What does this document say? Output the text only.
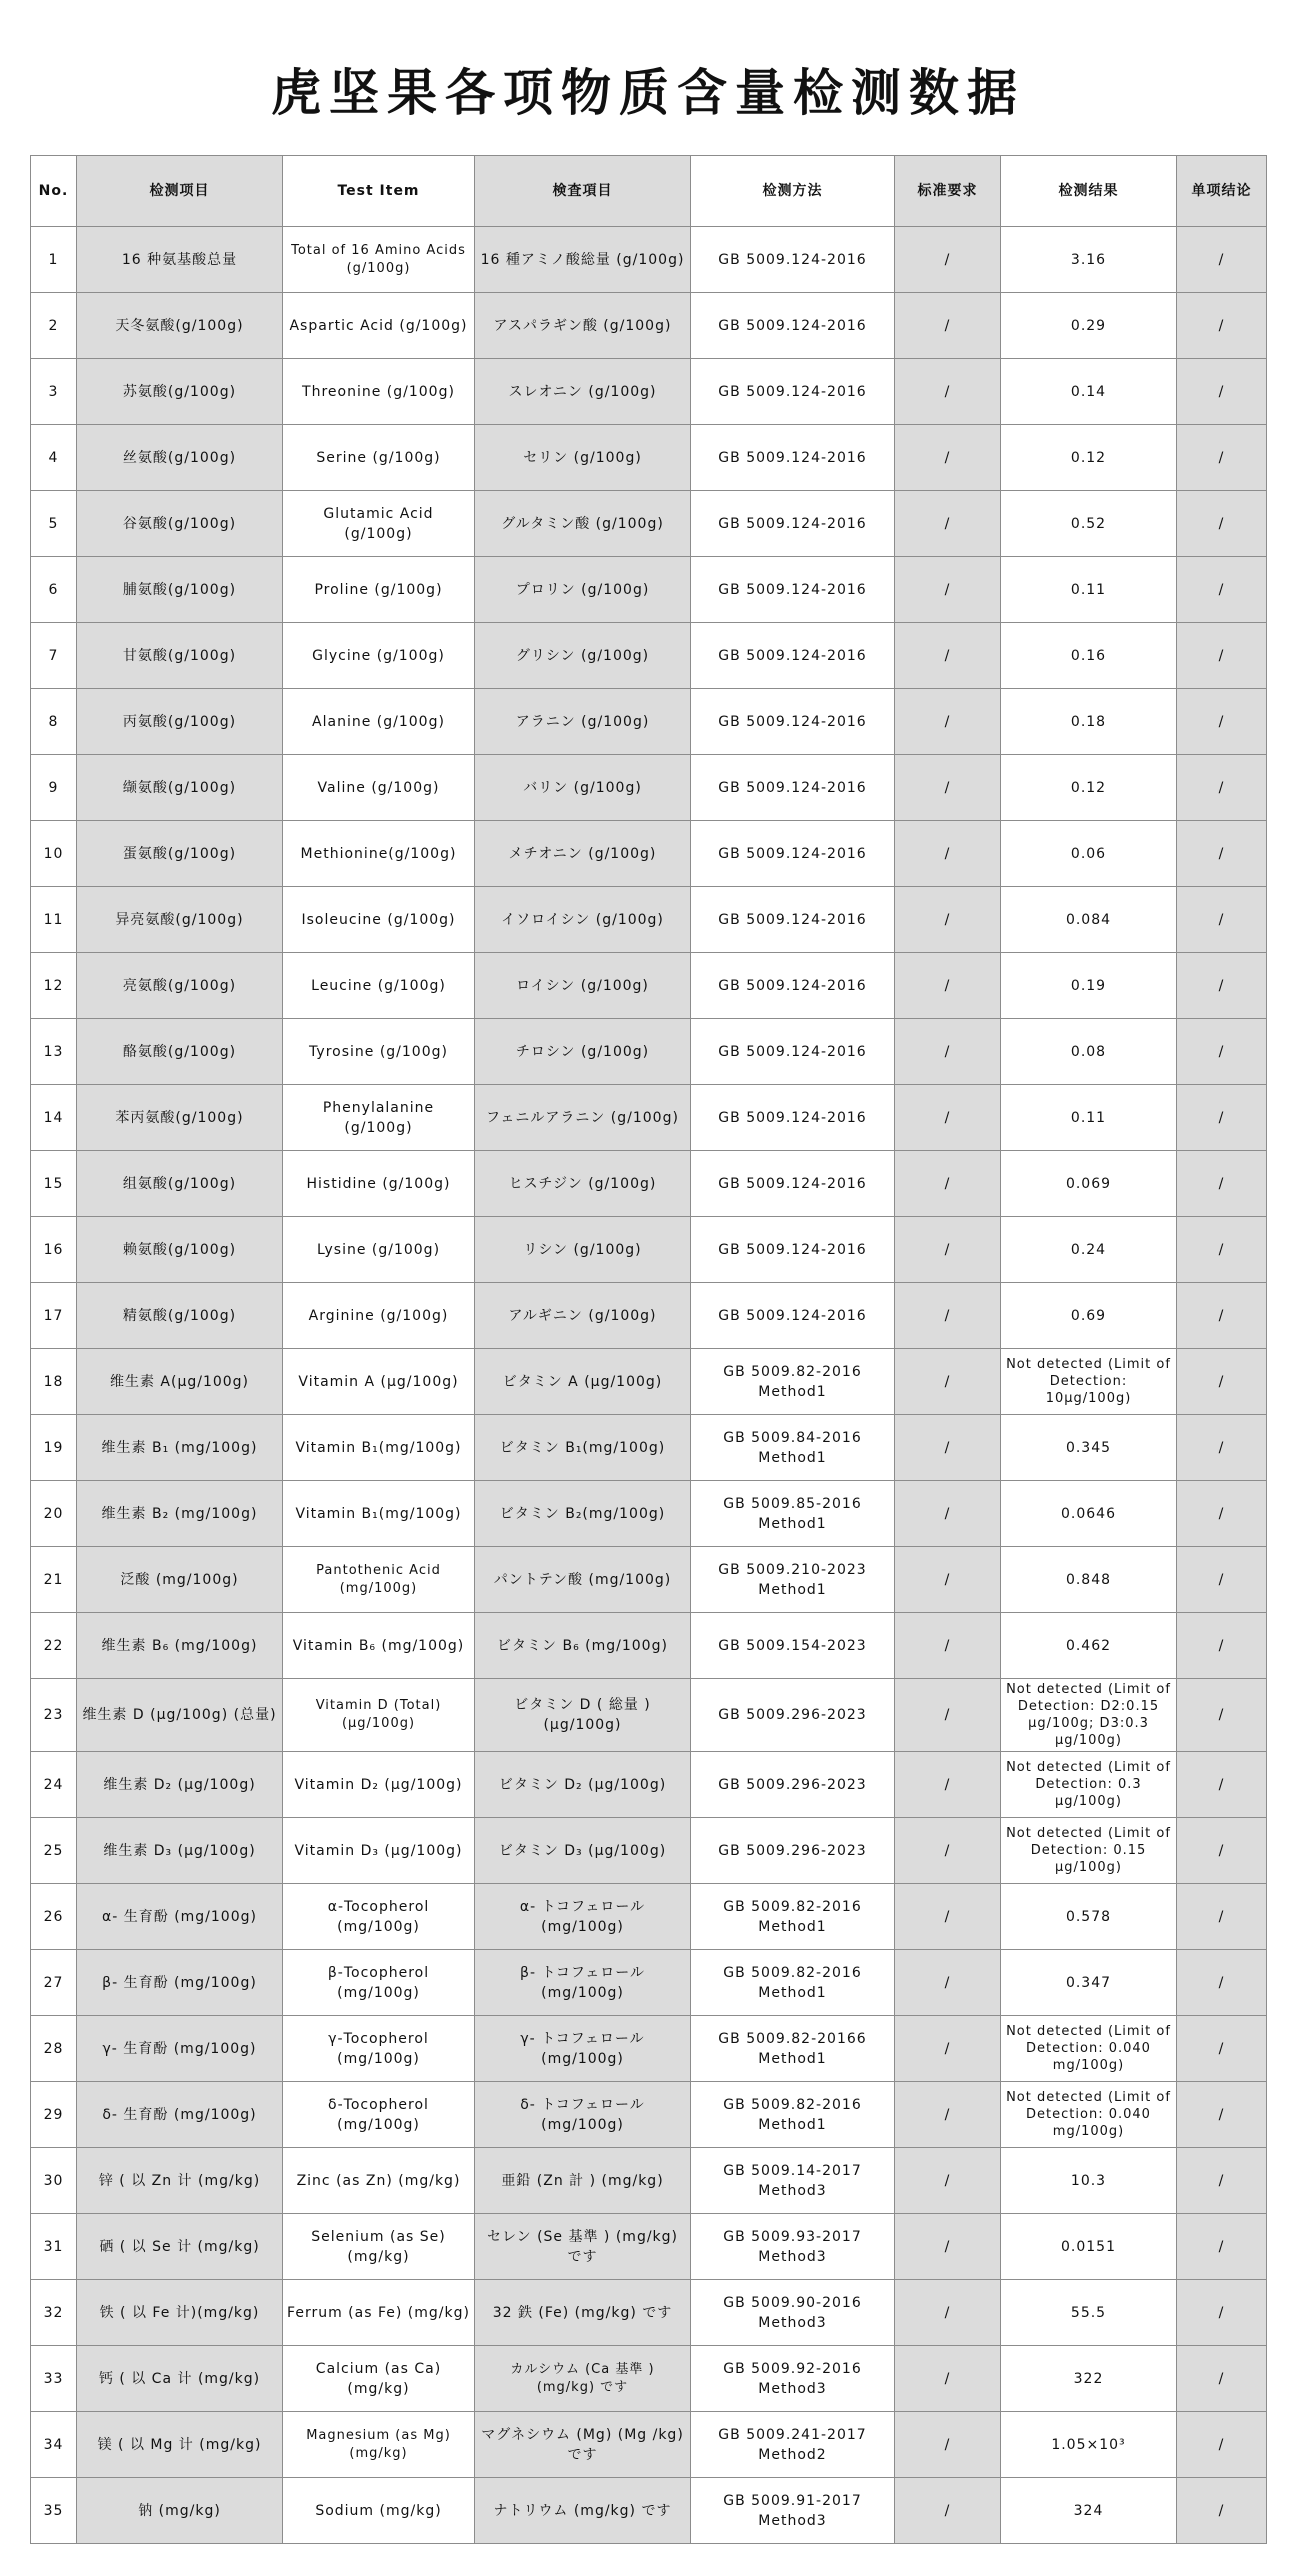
虎坚果各项物质含量检测数据
No.	检测项目	Test Item	検査項目	检测方法	标准要求	检测结果	单项结论
1	16 种氨基酸总量	Total of 16 Amino Acids (g/100g)	16 種アミノ酸総量 (g/100g)	GB 5009.124-2016	/	3.16	/
2	天冬氨酸(g/100g)	Aspartic Acid (g/100g)	アスパラギン酸 (g/100g)	GB 5009.124-2016	/	0.29	/
3	苏氨酸(g/100g)	Threonine (g/100g)	スレオニン (g/100g)	GB 5009.124-2016	/	0.14	/
4	丝氨酸(g/100g)	Serine (g/100g)	セリン (g/100g)	GB 5009.124-2016	/	0.12	/
5	谷氨酸(g/100g)	Glutamic Acid (g/100g)	グルタミン酸 (g/100g)	GB 5009.124-2016	/	0.52	/
6	脯氨酸(g/100g)	Proline (g/100g)	プロリン (g/100g)	GB 5009.124-2016	/	0.11	/
7	甘氨酸(g/100g)	Glycine (g/100g)	グリシン (g/100g)	GB 5009.124-2016	/	0.16	/
8	丙氨酸(g/100g)	Alanine (g/100g)	アラニン (g/100g)	GB 5009.124-2016	/	0.18	/
9	缬氨酸(g/100g)	Valine (g/100g)	バリン (g/100g)	GB 5009.124-2016	/	0.12	/
10	蛋氨酸(g/100g)	Methionine(g/100g)	メチオニン (g/100g)	GB 5009.124-2016	/	0.06	/
11	异亮氨酸(g/100g)	Isoleucine (g/100g)	イソロイシン (g/100g)	GB 5009.124-2016	/	0.084	/
12	亮氨酸(g/100g)	Leucine (g/100g)	ロイシン (g/100g)	GB 5009.124-2016	/	0.19	/
13	酪氨酸(g/100g)	Tyrosine (g/100g)	チロシン (g/100g)	GB 5009.124-2016	/	0.08	/
14	苯丙氨酸(g/100g)	Phenylalanine (g/100g)	フェニルアラニン (g/100g)	GB 5009.124-2016	/	0.11	/
15	组氨酸(g/100g)	Histidine (g/100g)	ヒスチジン (g/100g)	GB 5009.124-2016	/	0.069	/
16	赖氨酸(g/100g)	Lysine (g/100g)	リシン (g/100g)	GB 5009.124-2016	/	0.24	/
17	精氨酸(g/100g)	Arginine (g/100g)	アルギニン (g/100g)	GB 5009.124-2016	/	0.69	/
18	维生素 A(µg/100g)	Vitamin A (µg/100g)	ビタミン A (µg/100g)	GB 5009.82-2016 Method1	/	Not detected (Limit of Detection: 10µg/100g)	/
19	维生素 B₁ (mg/100g)	Vitamin B₁(mg/100g)	ビタミン B₁(mg/100g)	GB 5009.84-2016 Method1	/	0.345	/
20	维生素 B₂ (mg/100g)	Vitamin B₁(mg/100g)	ビタミン B₂(mg/100g)	GB 5009.85-2016 Method1	/	0.0646	/
21	泛酸 (mg/100g)	Pantothenic Acid (mg/100g)	パントテン酸 (mg/100g)	GB 5009.210-2023 Method1	/	0.848	/
22	维生素 B₆ (mg/100g)	Vitamin B₆ (mg/100g)	ビタミン B₆ (mg/100g)	GB 5009.154-2023	/	0.462	/
23	维生素 D (µg/100g) (总量)	Vitamin D (Total) (µg/100g)	ビタミン D ( 総量 ) (µg/100g)	GB 5009.296-2023	/	Not detected (Limit of Detection: D2:0.15 µg/100g; D3:0.3 µg/100g)	/
24	维生素 D₂ (µg/100g)	Vitamin D₂ (µg/100g)	ビタミン D₂ (µg/100g)	GB 5009.296-2023	/	Not detected (Limit of Detection: 0.3 µg/100g)	/
25	维生素 D₃ (µg/100g)	Vitamin D₃ (µg/100g)	ビタミン D₃ (µg/100g)	GB 5009.296-2023	/	Not detected (Limit of Detection: 0.15 µg/100g)	/
26	α- 生育酚 (mg/100g)	α-Tocopherol (mg/100g)	α- トコフェロール (mg/100g)	GB 5009.82-2016 Method1	/	0.578	/
27	β- 生育酚 (mg/100g)	β-Tocopherol (mg/100g)	β- トコフェロール (mg/100g)	GB 5009.82-2016 Method1	/	0.347	/
28	γ- 生育酚 (mg/100g)	γ-Tocopherol (mg/100g)	γ- トコフェロール (mg/100g)	GB 5009.82-20166 Method1	/	Not detected (Limit of Detection: 0.040 mg/100g)	/
29	δ- 生育酚 (mg/100g)	δ-Tocopherol (mg/100g)	δ- トコフェロール (mg/100g)	GB 5009.82-2016 Method1	/	Not detected (Limit of Detection: 0.040 mg/100g)	/
30	锌 ( 以 Zn 计 (mg/kg)	Zinc (as Zn) (mg/kg)	亜鉛 (Zn 計 ) (mg/kg)	GB 5009.14-2017 Method3	/	10.3	/
31	硒 ( 以 Se 计 (mg/kg)	Selenium (as Se) (mg/kg)	セレン (Se 基準 ) (mg/kg) です	GB 5009.93-2017 Method3	/	0.0151	/
32	铁 ( 以 Fe 计)(mg/kg)	Ferrum (as Fe) (mg/kg)	32 鉄 (Fe) (mg/kg) です	GB 5009.90-2016 Method3	/	55.5	/
33	钙 ( 以 Ca 计 (mg/kg)	Calcium (as Ca) (mg/kg)	カルシウム (Ca 基準 ) (mg/kg) です	GB 5009.92-2016 Method3	/	322	/
34	镁 ( 以 Mg 计 (mg/kg)	Magnesium (as Mg) (mg/kg)	マグネシウム (Mg) (Mg /kg) です	GB 5009.241-2017 Method2	/	1.05×10³	/
35	钠 (mg/kg)	Sodium (mg/kg)	ナトリウム (mg/kg) です	GB 5009.91-2017 Method3	/	324	/
